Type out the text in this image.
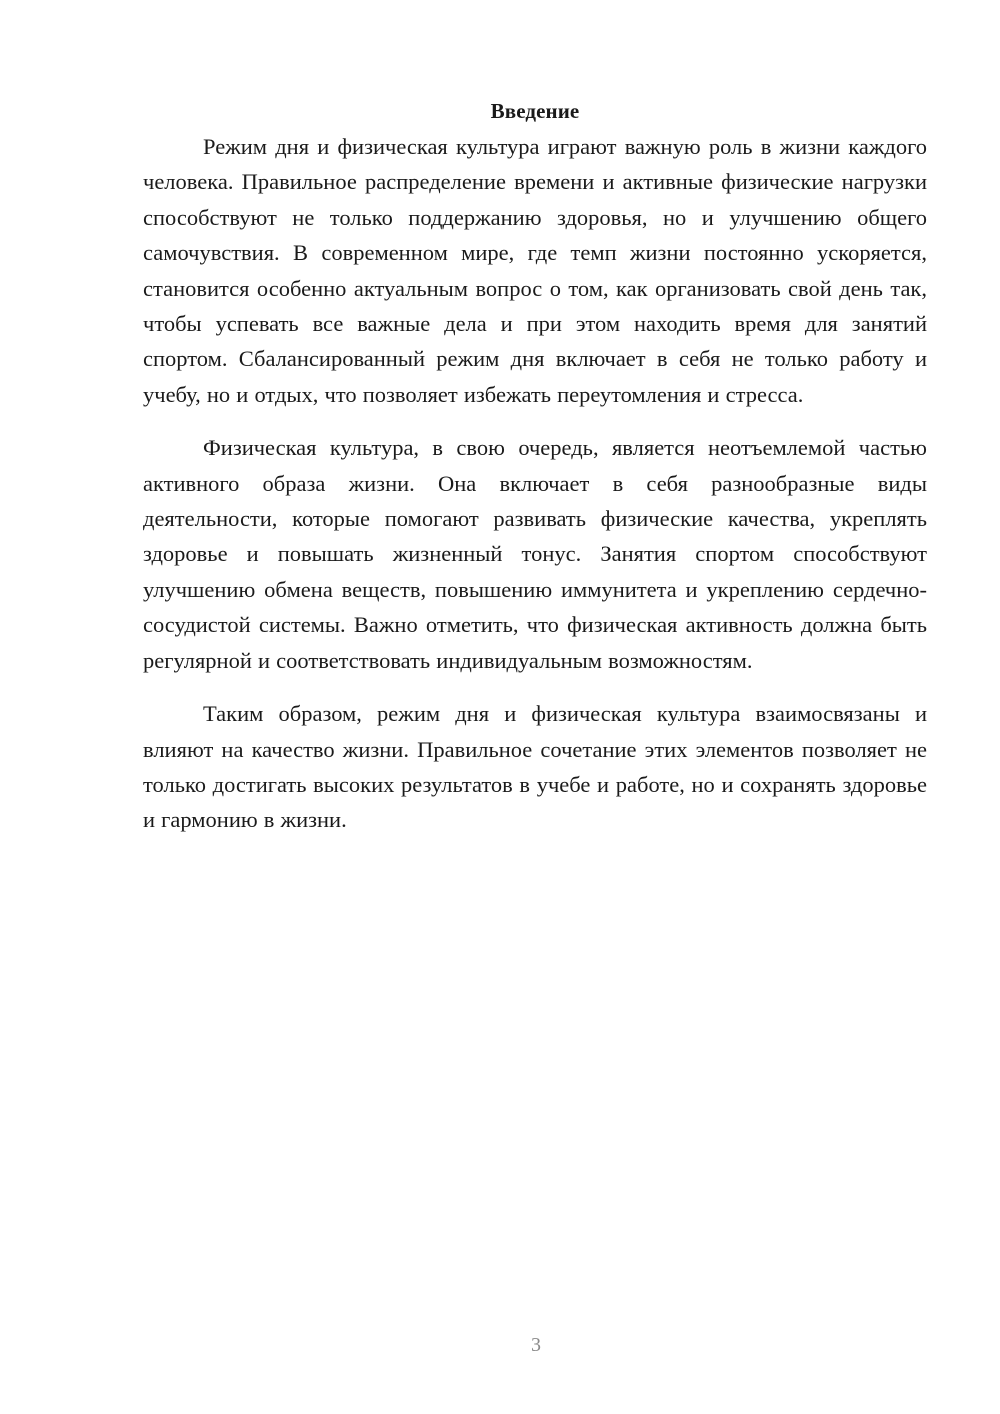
Введение

Режим дня и физическая культура играют важную роль в жизни каждого человека. Правильное распределение времени и активные физические нагрузки способствуют не только поддержанию здоровья, но и улучшению общего самочувствия. В современном мире, где темп жизни постоянно ускоряется, становится особенно актуальным вопрос о том, как организовать свой день так, чтобы успевать все важные дела и при этом находить время для занятий спортом. Сбалансированный режим дня включает в себя не только работу и учебу, но и отдых, что позволяет избежать переутомления и стресса.

Физическая культура, в свою очередь, является неотъемлемой частью активного образа жизни. Она включает в себя разнообразные виды деятельности, которые помогают развивать физические качества, укреплять здоровье и повышать жизненный тонус. Занятия спортом способствуют улучшению обмена веществ, повышению иммунитета и укреплению сердечно-сосудистой системы. Важно отметить, что физическая активность должна быть регулярной и соответствовать индивидуальным возможностям.

Таким образом, режим дня и физическая культура взаимосвязаны и влияют на качество жизни. Правильное сочетание этих элементов позволяет не только достигать высоких результатов в учебе и работе, но и сохранять здоровье и гармонию в жизни.

3
